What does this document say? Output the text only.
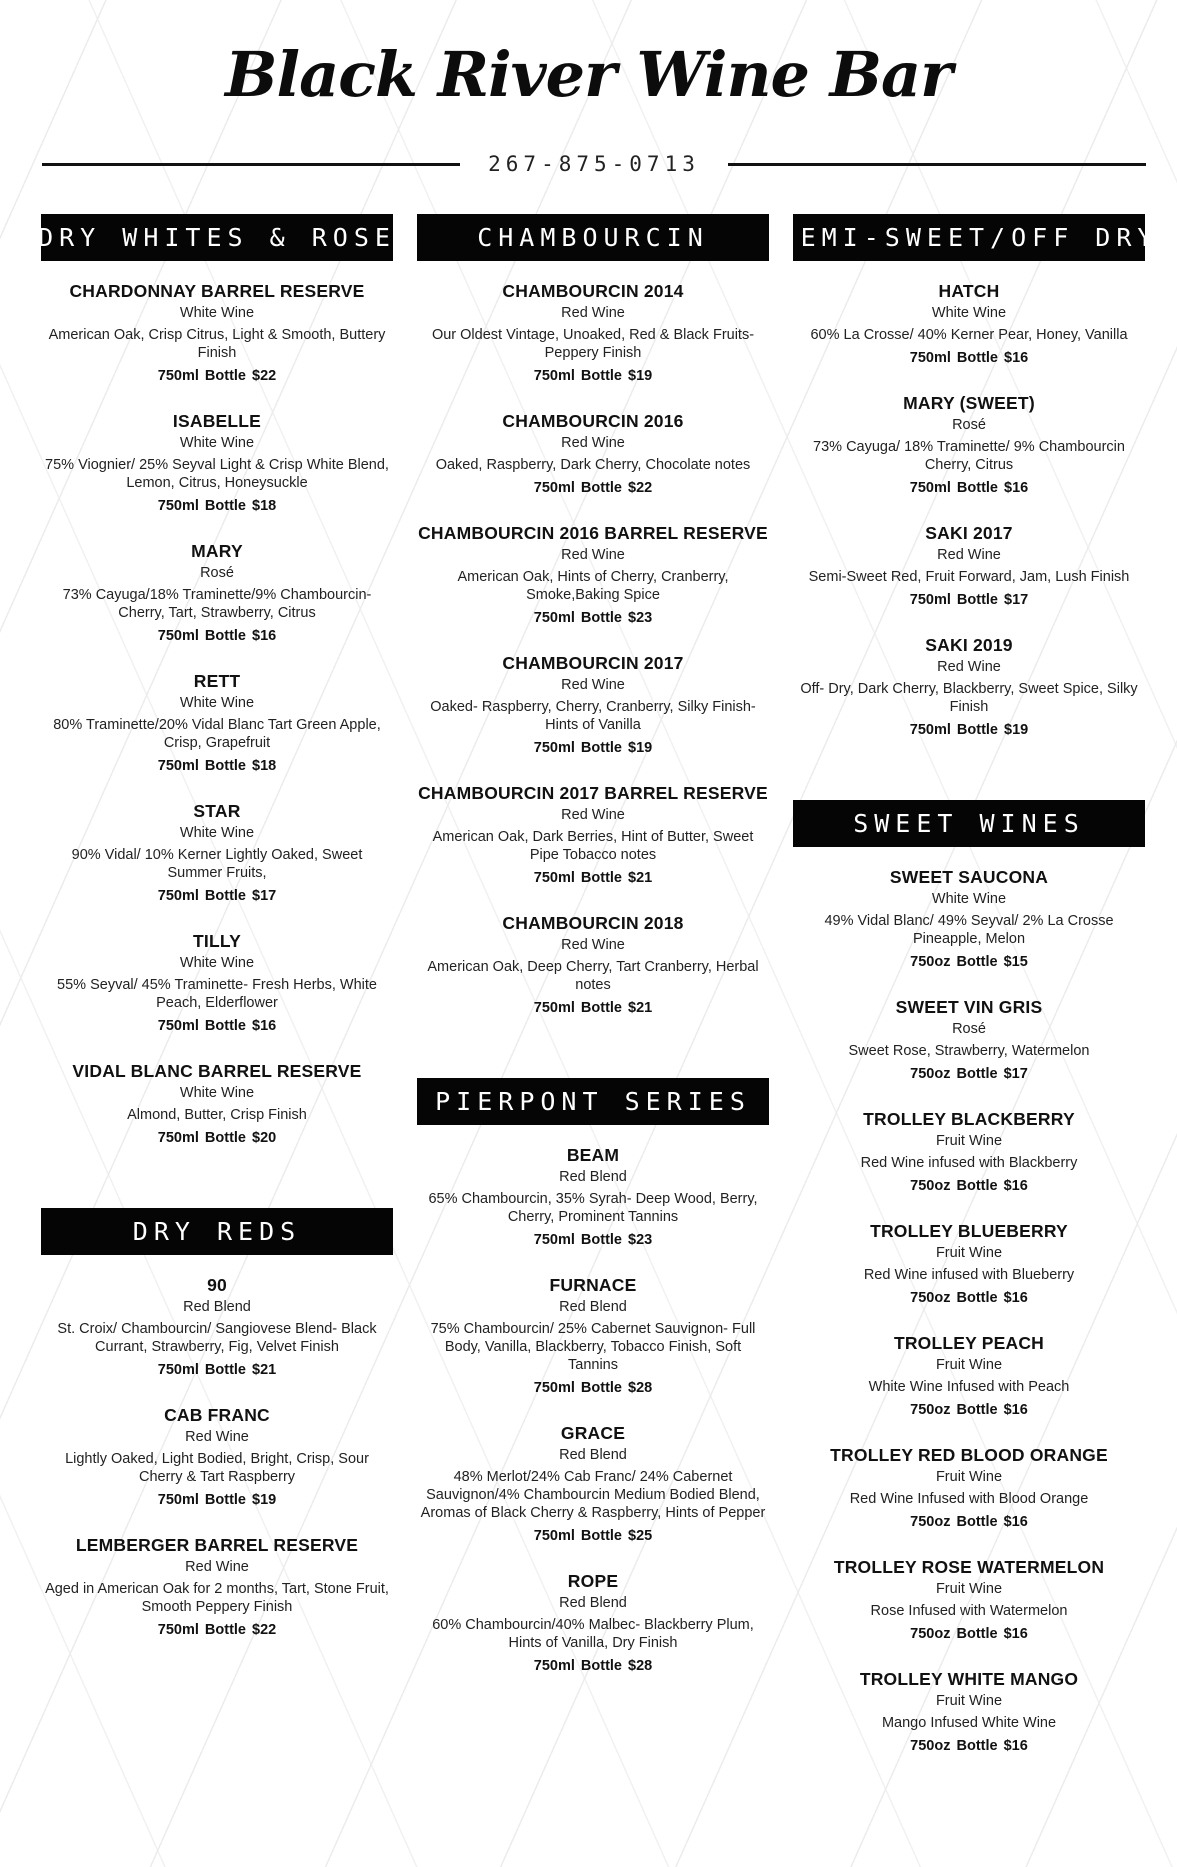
Black River Wine Bar
267-875-0713
DRY WHITES & ROSE
CHARDONNAY BARREL RESERVE
White Wine
American Oak, Crisp Citrus, Light & Smooth, Buttery Finish
750ml Bottle $22
ISABELLE
White Wine
75% Viognier/ 25% Seyval Light & Crisp White Blend, Lemon, Citrus, Honeysuckle
750ml Bottle $18
MARY
Rosé
73% Cayuga/18% Traminette/9% Chambourcin- Cherry, Tart, Strawberry, Citrus
750ml Bottle $16
RETT
White Wine
80% Traminette/20% Vidal Blanc Tart Green Apple, Crisp, Grapefruit
750ml Bottle $18
STAR
White Wine
90% Vidal/ 10% Kerner Lightly Oaked, Sweet Summer Fruits,
750ml Bottle $17
TILLY
White Wine
55% Seyval/ 45% Traminette- Fresh Herbs, White Peach, Elderflower
750ml Bottle $16
VIDAL BLANC BARREL RESERVE
White Wine
Almond, Butter, Crisp Finish
750ml Bottle $20
DRY REDS
90
Red Blend
St. Croix/ Chambourcin/ Sangiovese Blend- Black Currant, Strawberry, Fig, Velvet Finish
750ml Bottle $21
CAB FRANC
Red Wine
Lightly Oaked, Light Bodied, Bright, Crisp, Sour Cherry & Tart Raspberry
750ml Bottle $19
LEMBERGER BARREL RESERVE
Red Wine
Aged in American Oak for 2 months, Tart, Stone Fruit, Smooth Peppery Finish
750ml Bottle $22
CHAMBOURCIN
CHAMBOURCIN 2014
Red Wine
Our Oldest Vintage, Unoaked, Red & Black Fruits- Peppery Finish
750ml Bottle $19
CHAMBOURCIN 2016
Red Wine
Oaked, Raspberry, Dark Cherry, Chocolate notes
750ml Bottle $22
CHAMBOURCIN 2016 BARREL RESERVE
Red Wine
American Oak, Hints of Cherry, Cranberry, Smoke,Baking Spice
750ml Bottle $23
CHAMBOURCIN 2017
Red Wine
Oaked- Raspberry, Cherry, Cranberry, Silky Finish- Hints of Vanilla
750ml Bottle $19
CHAMBOURCIN 2017 BARREL RESERVE
Red Wine
American Oak, Dark Berries, Hint of Butter, Sweet Pipe Tobacco notes
750ml Bottle $21
CHAMBOURCIN 2018
Red Wine
American Oak, Deep Cherry, Tart Cranberry, Herbal notes
750ml Bottle $21
PIERPONT SERIES
BEAM
Red Blend
65% Chambourcin, 35% Syrah- Deep Wood, Berry, Cherry, Prominent Tannins
750ml Bottle $23
FURNACE
Red Blend
75% Chambourcin/ 25% Cabernet Sauvignon- Full Body, Vanilla, Blackberry, Tobacco Finish, Soft Tannins
750ml Bottle $28
GRACE
Red Blend
48% Merlot/24% Cab Franc/ 24% Cabernet Sauvignon/4% Chambourcin Medium Bodied Blend, Aromas of Black Cherry & Raspberry, Hints of Pepper
750ml Bottle $25
ROPE
Red Blend
60% Chambourcin/40% Malbec- Blackberry Plum, Hints of Vanilla, Dry Finish
750ml Bottle $28
SEMI-SWEET/OFF DRY
HATCH
White Wine
60% La Crosse/ 40% Kerner Pear, Honey, Vanilla
750ml Bottle $16
MARY (SWEET)
Rosé
73% Cayuga/ 18% Traminette/ 9% Chambourcin Cherry, Citrus
750ml Bottle $16
SAKI 2017
Red Wine
Semi-Sweet Red, Fruit Forward, Jam, Lush Finish
750ml Bottle $17
SAKI 2019
Red Wine
Off- Dry, Dark Cherry, Blackberry, Sweet Spice, Silky Finish
750ml Bottle $19
SWEET WINES
SWEET SAUCONA
White Wine
49% Vidal Blanc/ 49% Seyval/ 2% La Crosse Pineapple, Melon
750oz Bottle $15
SWEET VIN GRIS
Rosé
Sweet Rose, Strawberry, Watermelon
750oz Bottle $17
TROLLEY BLACKBERRY
Fruit Wine
Red Wine infused with Blackberry
750oz Bottle $16
TROLLEY BLUEBERRY
Fruit Wine
Red Wine infused with Blueberry
750oz Bottle $16
TROLLEY PEACH
Fruit Wine
White Wine Infused with Peach
750oz Bottle $16
TROLLEY RED BLOOD ORANGE
Fruit Wine
Red Wine Infused with Blood Orange
750oz Bottle $16
TROLLEY ROSE WATERMELON
Fruit Wine
Rose Infused with Watermelon
750oz Bottle $16
TROLLEY WHITE MANGO
Fruit Wine
Mango Infused White Wine
750oz Bottle $16
